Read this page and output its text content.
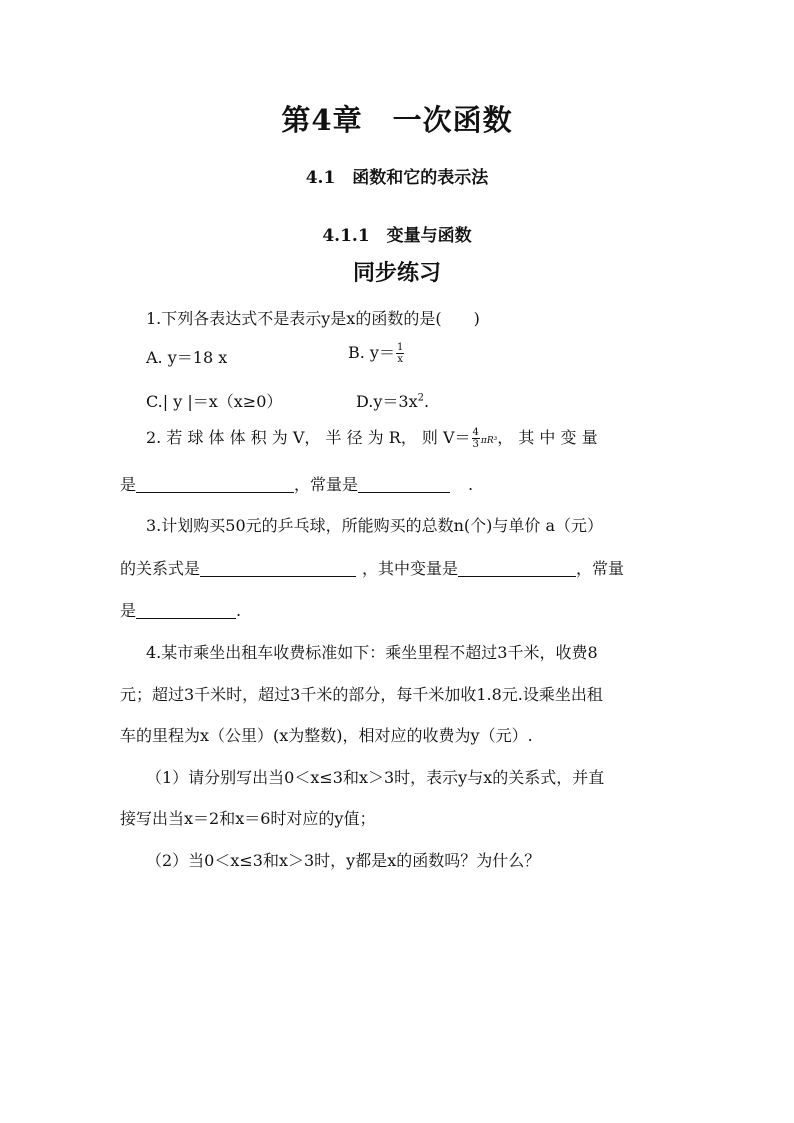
第4章　一次函数
4.1　函数和它的表示法
4.1.1　变量与函数
同步练习
1.下列各表达式不是表示y是x的函数的是(　　)
A. y＝18 x	B. $y= \frac{1}{x}$
C.| y |＝x（x≥0）	$D.y=3x^2$.
2. 若 球 体 体 积 为 V， 半 径 为 R， 则 $V= \frac{4}{3} \pi R^3$， 其 中 变 量
是	，常量是	.
3.计划购买50元的乒乓球，所能购买的总数n(个)与单价 a（元）
的关系式是	，其中变量是	，常量
是	.
4.某市乘坐出租车收费标准如下：乘坐里程不超过3千米，收费8
元；超过3千米时，超过3千米的部分，每千米加收1.8元.设乘坐出租
车的里程为x（公里）(x为整数)，相对应的收费为y（元）.
（1）请分别写出当0＜x≤3和x＞3时，表示y与x的关系式，并直
接写出当x＝2和x＝6时对应的y值；
（2）当0＜x≤3和x＞3时，y都是x的函数吗？为什么？
